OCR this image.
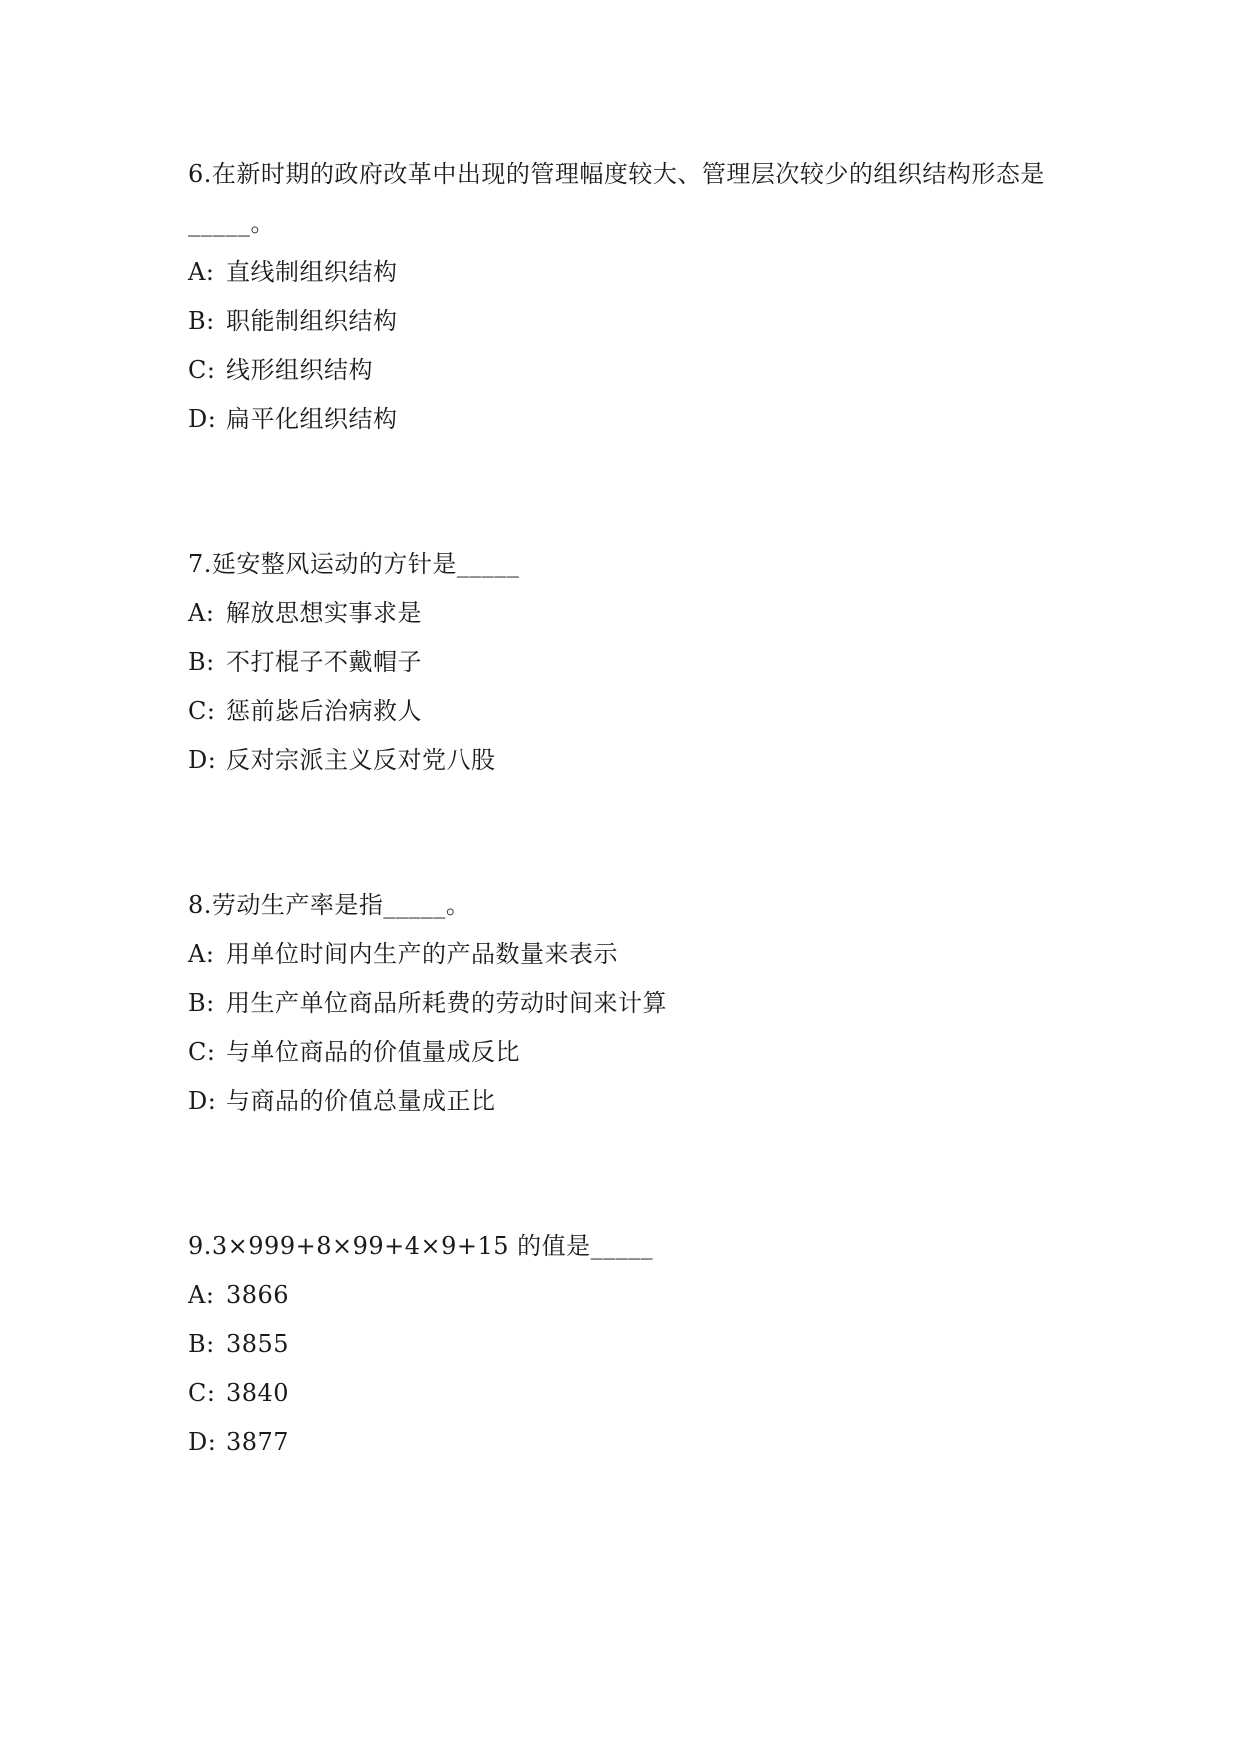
6.在新时期的政府改革中出现的管理幅度较大、管理层次较少的组织结构形态是_____。

A: 直线制组织结构

B: 职能制组织结构

C: 线形组织结构

D: 扁平化组织结构

7.延安整风运动的方针是_____

A: 解放思想实事求是

B: 不打棍子不戴帽子

C: 惩前毖后治病救人

D: 反对宗派主义反对党八股

8.劳动生产率是指_____。

A: 用单位时间内生产的产品数量来表示

B: 用生产单位商品所耗费的劳动时间来计算

C: 与单位商品的价值量成反比

D: 与商品的价值总量成正比

9.3×999+8×99+4×9+15 的值是_____

A: 3866

B: 3855

C: 3840

D: 3877
